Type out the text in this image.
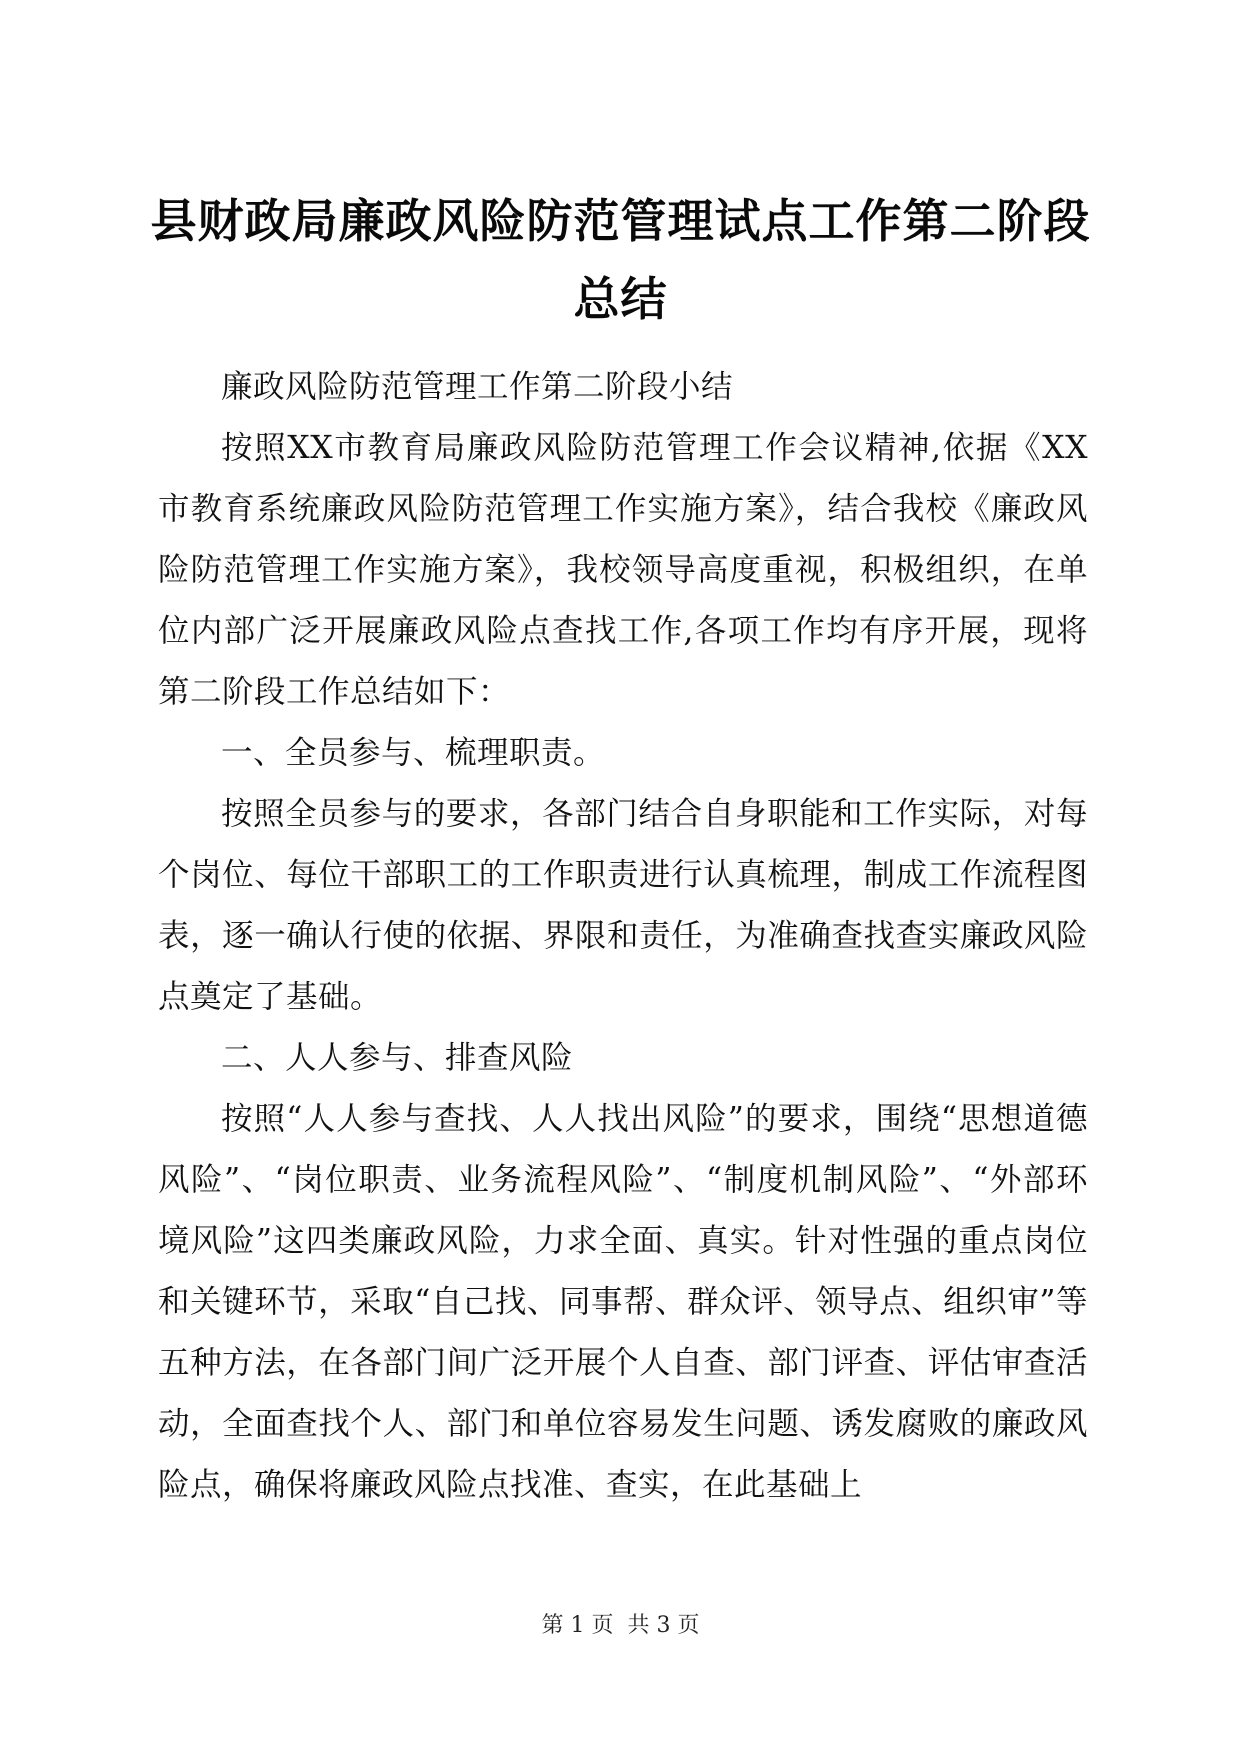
县财政局廉政风险防范管理试点工作第二阶段
总结

廉政风险防范管理工作第二阶段小结

按照XX市教育局廉政风险防范管理工作会议精神,依据《XX市教育系统廉政风险防范管理工作实施方案》，结合我校《廉政风险防范管理工作实施方案》，我校领导高度重视，积极组织，在单位内部广泛开展廉政风险点查找工作,各项工作均有序开展，现将第二阶段工作总结如下：

一、全员参与、梳理职责。

按照全员参与的要求，各部门结合自身职能和工作实际，对每个岗位、每位干部职工的工作职责进行认真梳理，制成工作流程图表，逐一确认行使的依据、界限和责任，为准确查找查实廉政风险点奠定了基础。

二、人人参与、排查风险

按照“人人参与查找、人人找出风险”的要求，围绕“思想道德风险”、“岗位职责、业务流程风险”、“制度机制风险”、“外部环境风险”这四类廉政风险，力求全面、真实。针对性强的重点岗位和关键环节，采取“自己找、同事帮、群众评、领导点、组织审”等五种方法，在各部门间广泛开展个人自查、部门评查、评估审查活动，全面查找个人、部门和单位容易发生问题、诱发腐败的廉政风险点，确保将廉政风险点找准、查实，在此基础上

第 1 页  共 3 页
